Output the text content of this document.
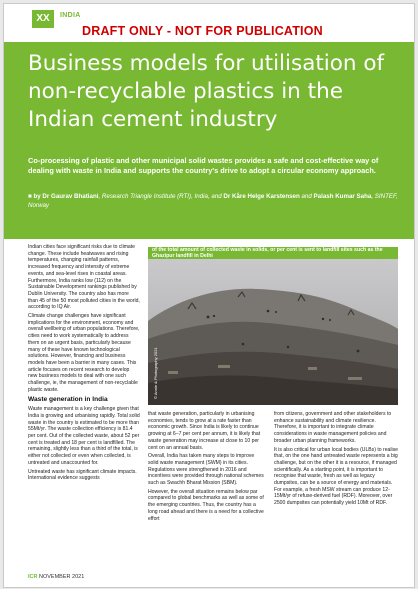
XX	INDIA
DRAFT ONLY - NOT FOR PUBLICATION
Business models for utilisation of non-recyclable plastics in the Indian cement industry
Co-processing of plastic and other municipal solid wastes provides a safe and cost-effective way of dealing with waste in India and supports the country's drive to adopt a circular economy approach.
■ by Dr Gaurav Bhatiani, Research Triangle Institute (RTI), India, and Dr Kåre Helge Karstensen and Palash Kumar Saha, SINTEF, Norway

Indian cities face significant risks due to climate change. These include heatwaves and rising temperatures, changing rainfall patterns, increased frequency and intensity of extreme events, and sea-level rises in coastal areas. Furthermore, India ranks low (112) on the Sustainable Development rankings published by Dublin University. The country also has more than 45 of the 50 most polluted cities in the world, according to IQ Air.

Climate change challenges have significant implications for the environment, economy and overall wellbeing of urban populations. Therefore, cities need to work systematically to address them on an urgent basis, particularly because many of these have known technological solutions. However, financing and business models have been a barrier in many cases. This article focuses on recent research to develop new business models to deal with one such challenge, ie, the management of non-recyclable plastic waste.

Waste generation in India

Waste management is a key challenge given that India is growing and urbanising rapidly. Total solid waste in the country is estimated to be more than 55Mt/yr. The waste collection efficiency is 81.4 per cent. Out of the collected waste, about 52 per cent is treated and 18 per cent is landfilled. The remaining, slightly less than a third of the total, is either not collected or even when collected, is untreated and unaccounted for.

Untreated waste has significant climate impacts. International evidence suggests

of the total amount of collected waste in solids, or per cent is sent to landfill sites such as the Ghazipur landfill in Delhi
© Annie & Photography 2021

that waste generation, particularly in urbanising economies, tends to grow at a rate faster than economic growth. Since India is likely to continue growing at 6–7 per cent per annum, it is likely that waste generation may increase at close to 10 per cent on an annual basis.

Overall, India has taken many steps to improve solid waste management (SWM) in its cities. Regulations were strengthened in 2016 and incentives were provided through national schemes such as Swachh Bharat Mission (SBM).

However, the overall situation remains below par compared to global benchmarks as well as some of the emerging countries. Thus, the country has a long road ahead and there is a need for a collective effort

from citizens, government and other stakeholders to enhance sustainability and climate resilience. Therefore, it is important to integrate climate considerations in waste management policies and broader urban planning frameworks.

It is also critical for urban local bodies (ULBs) to realise that, on the one hand untreated waste represents a big challenge, but on the other it is a resource, if managed scientifically. As a starting point, it is important to recognise that waste, fresh as well as legacy dumpsites, can be a source of energy and materials. For example, a fresh MSW stream can produce 12-15Mt/yr of refuse-derived fuel (RDF). Moreover, over 2500 dumpsites can potentially yield 10Mt of RDF.

ICR NOVEMBER 2021
